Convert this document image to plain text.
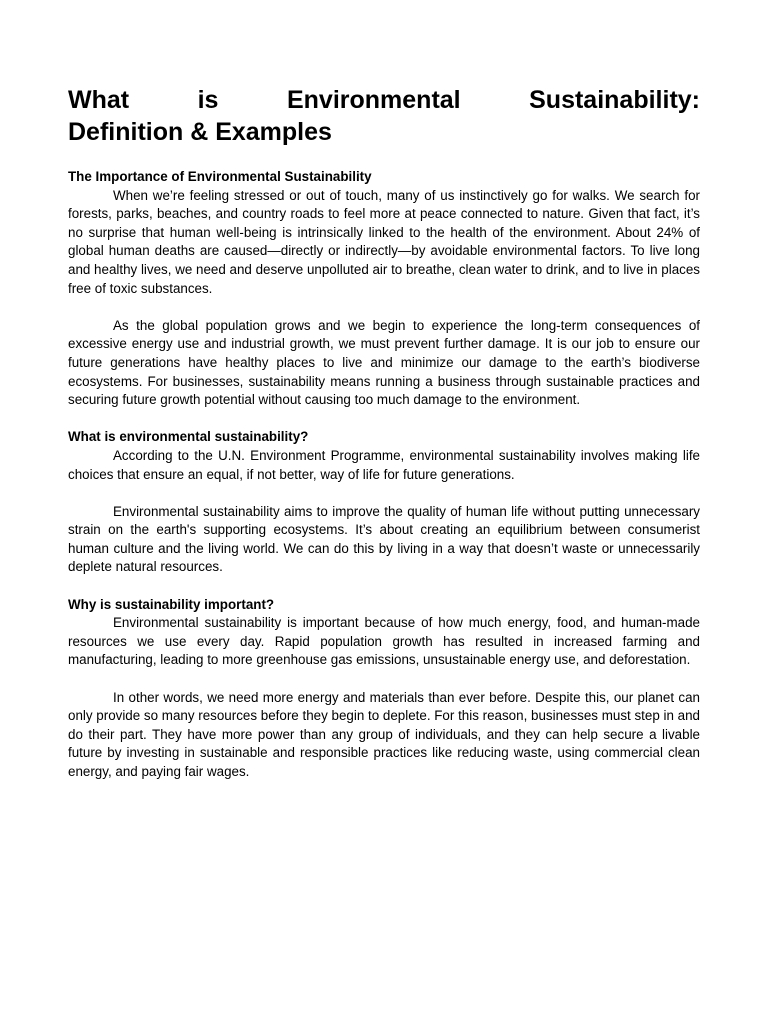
What is Environmental Sustainability:
Definition & Examples

The Importance of Environmental Sustainability

When we’re feeling stressed or out of touch, many of us instinctively go for walks. We search for forests, parks, beaches, and country roads to feel more at peace connected to nature. Given that fact, it’s no surprise that human well-being is intrinsically linked to the health of the environment. About 24% of global human deaths are caused—directly or indirectly—by avoidable environmental factors. To live long and healthy lives, we need and deserve unpolluted air to breathe, clean water to drink, and to live in places free of toxic substances.

As the global population grows and we begin to experience the long-term consequences of excessive energy use and industrial growth, we must prevent further damage. It is our job to ensure our future generations have healthy places to live and minimize our damage to the earth’s biodiverse ecosystems. For businesses, sustainability means running a business through sustainable practices and securing future growth potential without causing too much damage to the environment.

What is environmental sustainability?

According to the U.N. Environment Programme, environmental sustainability involves making life choices that ensure an equal, if not better, way of life for future generations.

Environmental sustainability aims to improve the quality of human life without putting unnecessary strain on the earth's supporting ecosystems. It’s about creating an equilibrium between consumerist human culture and the living world. We can do this by living in a way that doesn’t waste or unnecessarily deplete natural resources.

Why is sustainability important?

Environmental sustainability is important because of how much energy, food, and human-made resources we use every day. Rapid population growth has resulted in increased farming and manufacturing, leading to more greenhouse gas emissions, unsustainable energy use, and deforestation.

In other words, we need more energy and materials than ever before. Despite this, our planet can only provide so many resources before they begin to deplete. For this reason, businesses must step in and do their part. They have more power than any group of individuals, and they can help secure a livable future by investing in sustainable and responsible practices like reducing waste, using commercial clean energy, and paying fair wages.
